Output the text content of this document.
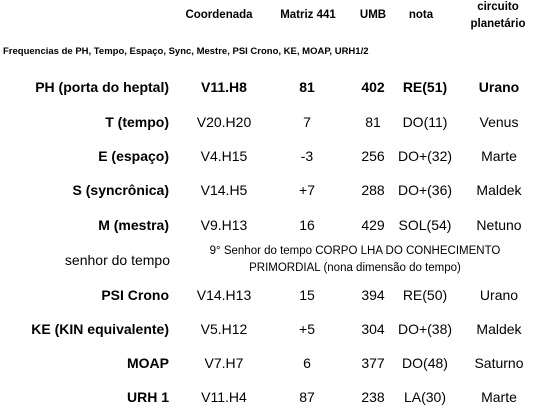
Coordenada	Matriz 441	UMB	nota
circuito
planetário
Frequencias de PH, Tempo, Espaço, Sync, Mestre, PSI Crono, KE, MOAP, URH1/2
PH (porta do heptal)	V11.H8	81	402	RE(51)	Urano
T (tempo)	V20.H20	7	81	DO(11)	Venus
E (espaço)	V4.H15	-3	256 DO+(32)	Marte
S (syncrônica)	V14.H5	+7	288 DO+(36)	Maldek
M (mestra)	V9.H13	16	429 SOL(54)	Netuno
senhor do tempo
9° Senhor do tempo CORPO LHA DO CONHECIMENTO
PRIMORDIAL (nona dimensão do tempo)
PSI Crono	V14.H13	15	394	RE(50)	Urano
KE (KIN equivalente)	V5.H12	+5	304 DO+(38)	Maldek
MOAP	V7.H7	6	377	DO(48)	Saturno
URH 1	V11.H4	87	238	LA(30)	Marte
